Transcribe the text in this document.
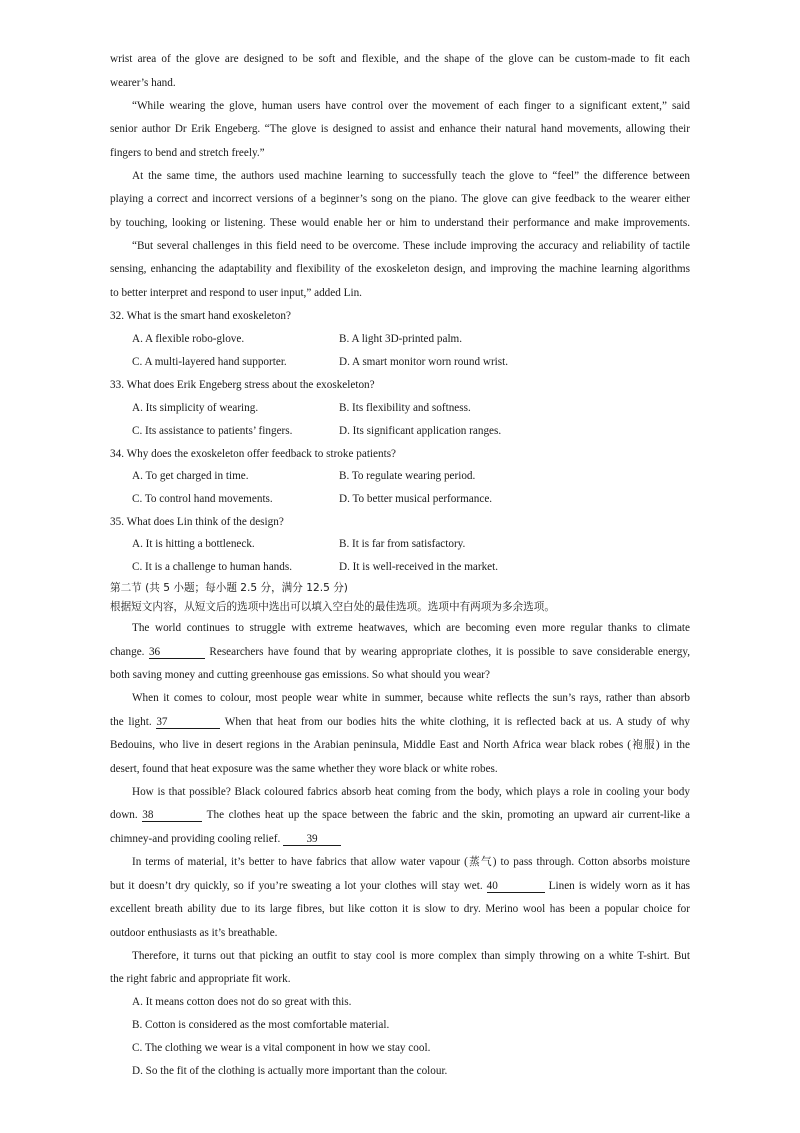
wrist area of the glove are designed to be soft and flexible, and the shape of the glove can be custom-made to fit each
wearer’s hand.
“While wearing the glove, human users have control over the movement of each finger to a significant extent,” said
senior author Dr Erik Engeberg. “The glove is designed to assist and enhance their natural hand movements, allowing their
fingers to bend and stretch freely.”
At the same time, the authors used machine learning to successfully teach the glove to “feel” the difference between
playing a correct and incorrect versions of a beginner’s song on the piano. The glove can give feedback to the wearer either
by touching, looking or listening. These would enable her or him to understand their performance and make improvements.
“But several challenges in this field need to be overcome. These include improving the accuracy and reliability of tactile
sensing, enhancing the adaptability and flexibility of the exoskeleton design, and improving the machine learning algorithms
to better interpret and respond to user input,” added Lin.
32. What is the smart hand exoskeleton?
A. A flexible robo-glove.	B. A light 3D-printed palm.
C. A multi-layered hand supporter.	D. A smart monitor worn round wrist.
33. What does Erik Engeberg stress about the exoskeleton?
A. Its simplicity of wearing.	B. Its flexibility and softness.
C. Its assistance to patients’ fingers.	D. Its significant application ranges.
34. Why does the exoskeleton offer feedback to stroke patients?
A. To get charged in time.	B. To regulate wearing period.
C. To control hand movements.	D. To better musical performance.
35. What does Lin think of the design?
A. It is hitting a bottleneck.	B. It is far from satisfactory.
C. It is a challenge to human hands.	D. It is well-received in the market.
第二节 (共 5 小题；每小题 2.5 分，满分 12.5 分)
根据短文内容，从短文后的选项中选出可以填入空白处的最佳选项。选项中有两项为多余选项。
The world continues to struggle with extreme heatwaves, which are becoming even more regular thanks to climate
change. 36	Researchers have found that by wearing appropriate clothes, it is possible to save considerable energy,
both saving money and cutting greenhouse gas emissions. So what should you wear?
When it comes to colour, most people wear white in summer, because white reflects the sun’s rays, rather than absorb
the light. 37	When that heat from our bodies hits the white clothing, it is reflected back at us. A study of why
Bedouins, who live in desert regions in the Arabian peninsula, Middle East and North Africa wear black robes (袍服) in the
desert, found that heat exposure was the same whether they wore black or white robes.
How is that possible? Black coloured fabrics absorb heat coming from the body, which plays a role in cooling your body
down. 38	The clothes heat up the space between the fabric and the skin, promoting an upward air current-like a
chimney-and providing cooling relief. 39
In terms of material, it’s better to have fabrics that allow water vapour (蒸气) to pass through. Cotton absorbs moisture
but it doesn’t dry quickly, so if you’re sweating a lot your clothes will stay wet. 40	Linen is widely worn as it has
excellent breath ability due to its large fibres, but like cotton it is slow to dry. Merino wool has been a popular choice for
outdoor enthusiasts as it’s breathable.
Therefore, it turns out that picking an outfit to stay cool is more complex than simply throwing on a white T-shirt. But
the right fabric and appropriate fit work.
A. It means cotton does not do so great with this.
B. Cotton is considered as the most comfortable material.
C. The clothing we wear is a vital component in how we stay cool.
D. So the fit of the clothing is actually more important than the colour.
